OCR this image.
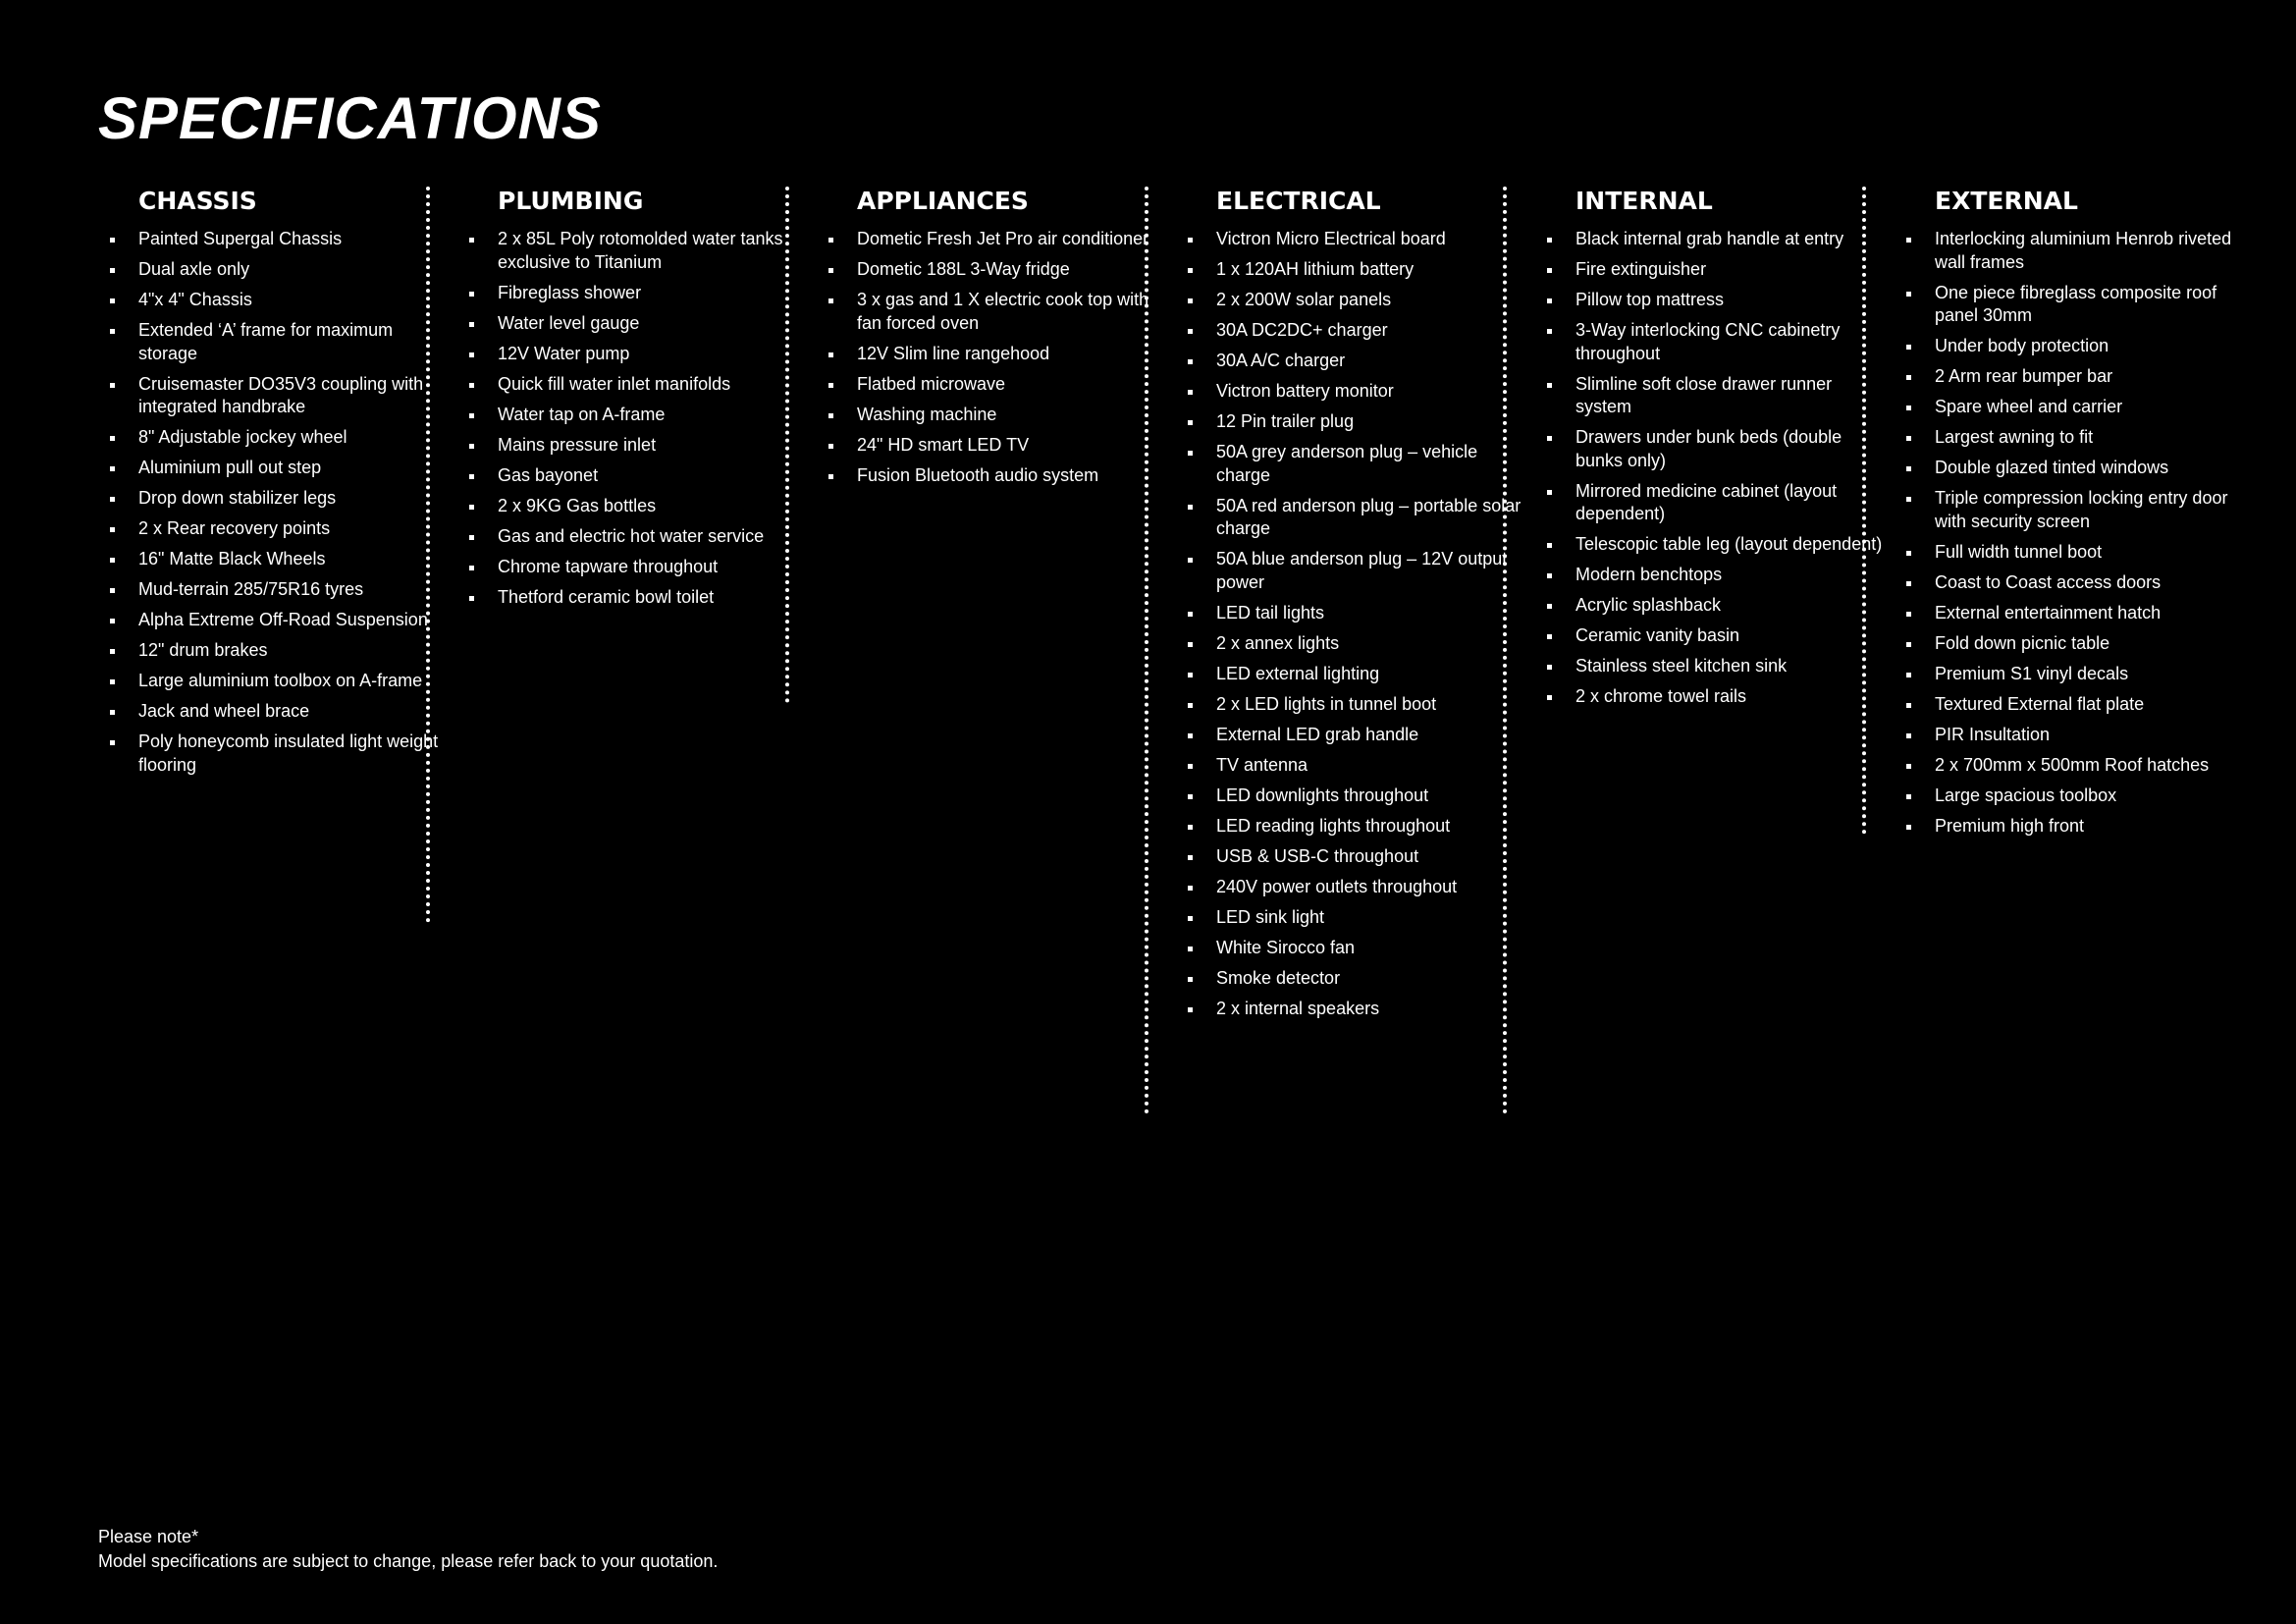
SPECIFICATIONS
CHASSIS
Painted Supergal Chassis
Dual axle only
4"x 4" Chassis
Extended ‘A’ frame for maximum storage
Cruisemaster DO35V3 coupling with integrated handbrake
8" Adjustable jockey wheel
Aluminium pull out step
Drop down stabilizer legs
2 x Rear recovery points
16" Matte Black Wheels
Mud-terrain 285/75R16 tyres
Alpha Extreme Off-Road Suspension
12" drum brakes
Large aluminium toolbox on A-frame
Jack and wheel brace
Poly honeycomb insulated light weight flooring
PLUMBING
2 x 85L Poly rotomolded water tanks exclusive to Titanium
Fibreglass shower
Water level gauge
12V Water pump
Quick fill water inlet manifolds
Water tap on A-frame
Mains pressure inlet
Gas bayonet
2 x 9KG Gas bottles
Gas and electric hot water service
Chrome tapware throughout
Thetford ceramic bowl toilet
APPLIANCES
Dometic Fresh Jet Pro air conditioner
Dometic 188L 3-Way fridge
3 x gas and 1 X electric cook top with fan forced oven
12V Slim line rangehood
Flatbed microwave
Washing machine
24" HD smart LED TV
Fusion Bluetooth audio system
ELECTRICAL
Victron Micro Electrical board
1 x 120AH lithium battery
2 x 200W solar panels
30A DC2DC+ charger
30A A/C charger
Victron battery monitor
12 Pin trailer plug
50A grey anderson plug – vehicle charge
50A red anderson plug – portable solar charge
50A blue anderson plug – 12V output power
LED tail lights
2 x annex lights
LED external lighting
2 x LED lights in tunnel boot
External LED grab handle
TV antenna
LED downlights throughout
LED reading lights throughout
USB & USB-C throughout
240V power outlets throughout
LED sink light
White Sirocco fan
Smoke detector
2 x internal speakers
INTERNAL
Black internal grab handle at entry
Fire extinguisher
Pillow top mattress
3-Way interlocking CNC cabinetry throughout
Slimline soft close drawer runner system
Drawers under bunk beds (double bunks only)
Mirrored medicine cabinet (layout dependent)
Telescopic table leg (layout dependent)
Modern benchtops
Acrylic splashback
Ceramic vanity basin
Stainless steel kitchen sink
2 x chrome towel rails
EXTERNAL
Interlocking aluminium Henrob riveted wall frames
One piece fibreglass composite roof panel 30mm
Under body protection
2 Arm rear bumper bar
Spare wheel and carrier
Largest awning to fit
Double glazed tinted windows
Triple compression locking entry door with security screen
Full width tunnel boot
Coast to Coast access doors
External entertainment hatch
Fold down picnic table
Premium S1 vinyl decals
Textured External flat plate
PIR Insultation
2 x 700mm x 500mm Roof hatches
Large spacious toolbox
Premium high front
Please note*
Model specifications are subject to change, please refer back to your quotation.
